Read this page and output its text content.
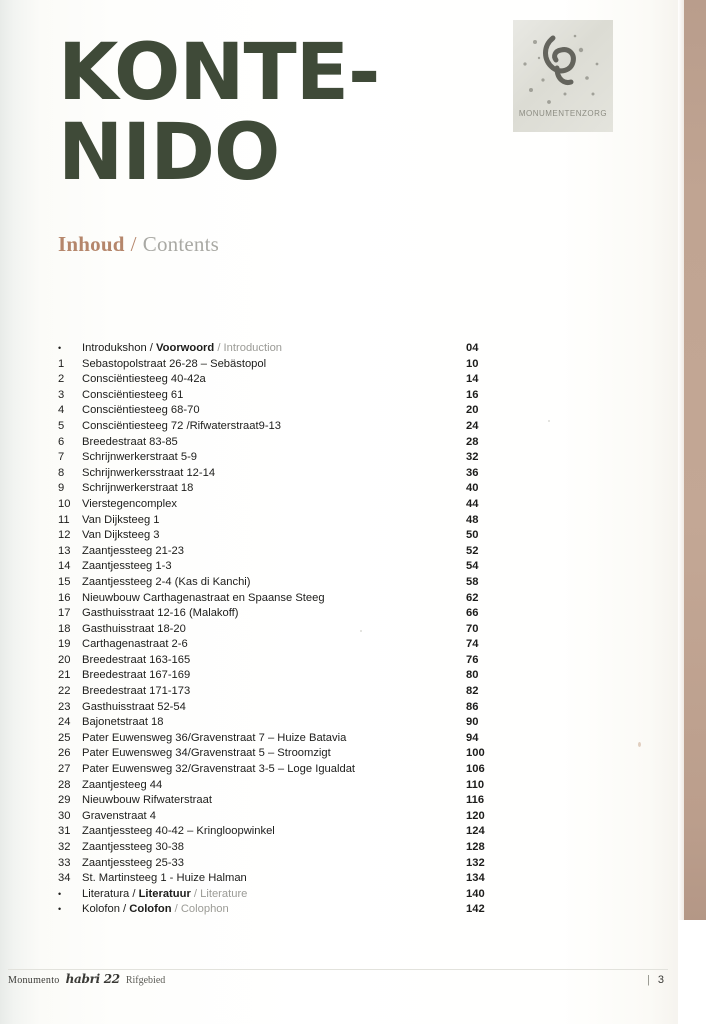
KONTE-
NIDO
Inhoud / Contents
MONUMENTENZORG
•	Introdukshon / Voorwoord / Introduction	04
1	Sebastopolstraat 26-28 – Sebästopol	10
2	Consciëntiesteeg 40-42a	14
3	Consciëntiesteeg 61	16
4	Consciëntiesteeg 68-70	20
5	Consciëntiesteeg 72 /Rifwaterstraat9-13	24
6	Breedestraat 83-85	28
7	Schrijnwerkerstraat 5-9	32
8	Schrijnwerkersstraat 12-14	36
9	Schrijnwerkerstraat 18	40
10	Vierstegencomplex	44
11	Van Dijksteeg 1	48
12	Van Dijksteeg 3	50
13	Zaantjessteeg 21-23	52
14	Zaantjessteeg 1-3	54
15	Zaantjessteeg 2-4 (Kas di Kanchi)	58
16	Nieuwbouw Carthagenastraat en Spaanse Steeg	62
17	Gasthuisstraat 12-16 (Malakoff)	66
18	Gasthuisstraat 18-20	70
19	Carthagenastraat 2-6	74
20	Breedestraat 163-165	76
21	Breedestraat 167-169	80
22	Breedestraat 171-173	82
23	Gasthuisstraat 52-54	86
24	Bajonetstraat 18	90
25	Pater Euwensweg 36/Gravenstraat 7 – Huize Batavia	94
26	Pater Euwensweg 34/Gravenstraat 5 – Stroomzigt	100
27	Pater Euwensweg 32/Gravenstraat 3-5 – Loge Igualdat	106
28	Zaantjesteeg 44	110
29	Nieuwbouw Rifwaterstraat	116
30	Gravenstraat 4	120
31	Zaantjessteeg 40-42 – Kringloopwinkel	124
32	Zaantjessteeg 30-38	128
33	Zaantjessteeg 25-33	132
34	St. Martinsteeg 1 - Huize Halman	134
•	Literatura / Literatuur / Literature	140
•	Kolofon / Colofon / Colophon	142
Monumento habri 22 Rifgebied	| 3
